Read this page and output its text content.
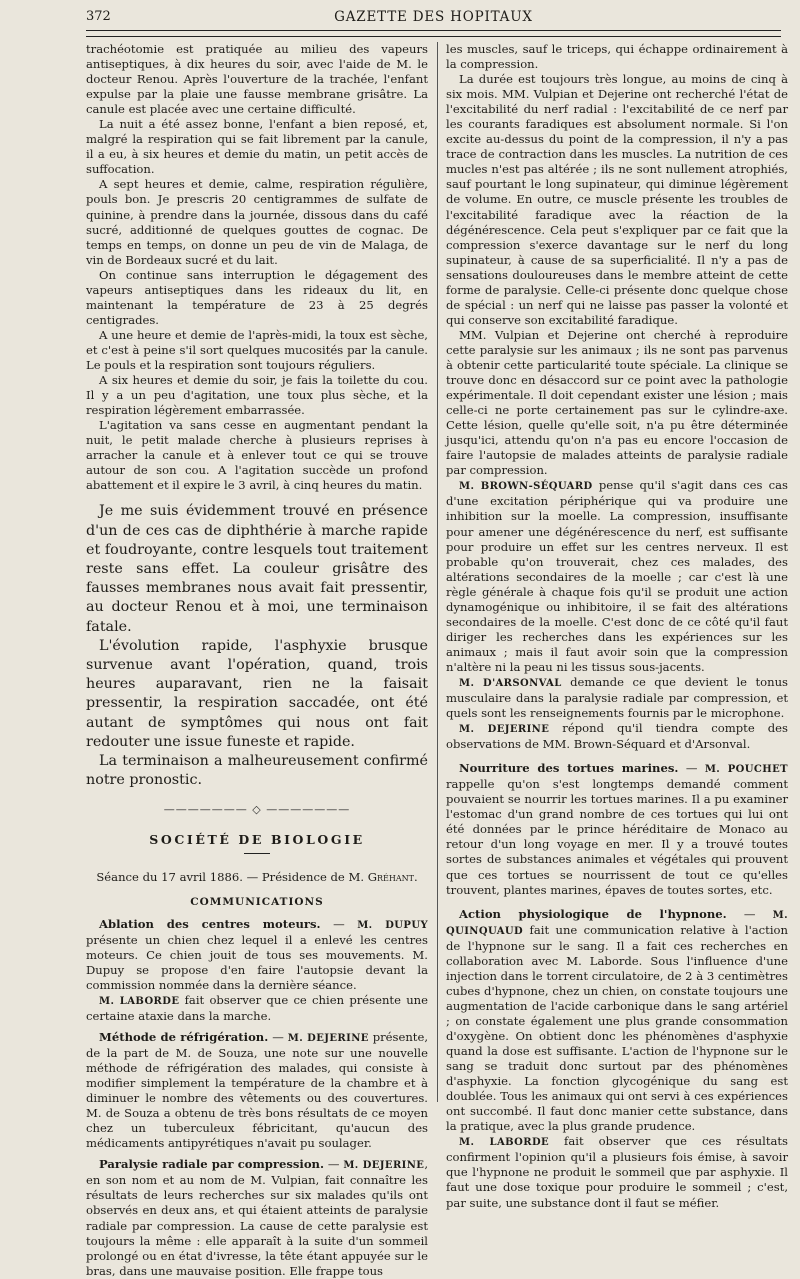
372	GAZETTE DES HOPITAUX

trachéotomie est pratiquée au milieu des vapeurs antiseptiques, à dix heures du soir, avec l'aide de M. le docteur Renou. Après l'ouverture de la trachée, l'enfant expulse par la plaie une fausse membrane grisâtre. La canule est placée avec une certaine difficulté.

La nuit a été assez bonne, l'enfant a bien reposé, et, malgré la respiration qui se fait librement par la canule, il a eu, à six heures et demie du matin, un petit accès de suffocation.

A sept heures et demie, calme, respiration régulière, pouls bon. Je prescris 20 centigrammes de sulfate de quinine, à prendre dans la journée, dissous dans du café sucré, additionné de quelques gouttes de cognac. De temps en temps, on donne un peu de vin de Malaga, de vin de Bordeaux sucré et du lait.

On continue sans interruption le dégagement des vapeurs antiseptiques dans les rideaux du lit, en maintenant la température de 23 à 25 degrés centigrades.

A une heure et demie de l'après-midi, la toux est sèche, et c'est à peine s'il sort quelques mucosités par la canule. Le pouls et la respiration sont toujours réguliers.

A six heures et demie du soir, je fais la toilette du cou. Il y a un peu d'agitation, une toux plus sèche, et la respiration légèrement embarrassée.

L'agitation va sans cesse en augmentant pendant la nuit, le petit malade cherche à plusieurs reprises à arracher la canule et à enlever tout ce qui se trouve autour de son cou. A l'agitation succède un profond abattement et il expire le 3 avril, à cinq heures du matin.

Je me suis évidemment trouvé en présence d'un de ces cas de diphthérie à marche rapide et foudroyante, contre lesquels tout traitement reste sans effet. La couleur grisâtre des fausses membranes nous avait fait pressentir, au docteur Renou et à moi, une terminaison fatale.

L'évolution rapide, l'asphyxie brusque survenue avant l'opération, quand, trois heures auparavant, rien ne la faisait pressentir, la respiration saccadée, ont été autant de symptômes qui nous ont fait redouter une issue funeste et rapide.

La terminaison a malheureusement confirmé notre pronostic.

——————— ◇ ———————
SOCIÉTÉ DE BIOLOGIE

Séance du 17 avril 1886. — Présidence de M. Gréhant.

COMMUNICATIONS

Ablation des centres moteurs. — M. DUPUY présente un chien chez lequel il a enlevé les centres moteurs. Ce chien jouit de tous ses mouvements. M. Dupuy se propose d'en faire l'autopsie devant la commission nommée dans la dernière séance.

M. LABORDE fait observer que ce chien présente une certaine ataxie dans la marche.

Méthode de réfrigération. — M. DEJERINE présente, de la part de M. de Souza, une note sur une nouvelle méthode de réfrigération des malades, qui consiste à modifier simplement la température de la chambre et à diminuer le nombre des vêtements ou des couvertures. M. de Souza a obtenu de très bons résultats de ce moyen chez un tuberculeux fébricitant, qu'aucun des médicaments antipyrétiques n'avait pu soulager.

Paralysie radiale par compression. — M. DEJERINE, en son nom et au nom de M. Vulpian, fait connaître les résultats de leurs recherches sur six malades qu'ils ont observés en deux ans, et qui étaient atteints de paralysie radiale par compression. La cause de cette paralysie est toujours la même : elle apparaît à la suite d'un sommeil prolongé ou en état d'ivresse, la tête étant appuyée sur le bras, dans une mauvaise position. Elle frappe tous

les muscles, sauf le triceps, qui échappe ordinairement à la compression.

La durée est toujours très longue, au moins de cinq à six mois. MM. Vulpian et Dejerine ont recherché l'état de l'excitabilité du nerf radial : l'excitabilité de ce nerf par les courants faradiques est absolument normale. Si l'on excite au-dessus du point de la compression, il n'y a pas trace de contraction dans les muscles. La nutrition de ces mucles n'est pas altérée ; ils ne sont nullement atrophiés, sauf pourtant le long supinateur, qui diminue légèrement de volume. En outre, ce muscle présente les troubles de l'excitabilité faradique avec la réaction de la dégénérescence. Cela peut s'expliquer par ce fait que la compression s'exerce davantage sur le nerf du long supinateur, à cause de sa superficialité. Il n'y a pas de sensations douloureuses dans le membre atteint de cette forme de paralysie. Celle-ci présente donc quelque chose de spécial : un nerf qui ne laisse pas passer la volonté et qui conserve son excitabilité faradique.

MM. Vulpian et Dejerine ont cherché à reproduire cette paralysie sur les animaux ; ils ne sont pas parvenus à obtenir cette particularité toute spéciale. La clinique se trouve donc en désaccord sur ce point avec la pathologie expérimentale. Il doit cependant exister une lésion ; mais celle-ci ne porte certainement pas sur le cylindre-axe. Cette lésion, quelle qu'elle soit, n'a pu être déterminée jusqu'ici, attendu qu'on n'a pas eu encore l'occasion de faire l'autopsie de malades atteints de paralysie radiale par compression.

M. BROWN-SÉQUARD pense qu'il s'agit dans ces cas d'une excitation périphérique qui va produire une inhibition sur la moelle. La compression, insuffisante pour amener une dégénérescence du nerf, est suffisante pour produire un effet sur les centres nerveux. Il est probable qu'on trouverait, chez ces malades, des altérations secondaires de la moelle ; car c'est là une règle générale à chaque fois qu'il se produit une action dynamogénique ou inhibitoire, il se fait des altérations secondaires de la moelle. C'est donc de ce côté qu'il faut diriger les recherches dans les expériences sur les animaux ; mais il faut avoir soin que la compression n'altère ni la peau ni les tissus sous-jacents.

M. D'ARSONVAL demande ce que devient le tonus musculaire dans la paralysie radiale par compression, et quels sont les renseignements fournis par le microphone.

M. DEJERINE répond qu'il tiendra compte des observations de MM. Brown-Séquard et d'Arsonval.

Nourriture des tortues marines. — M. POUCHET rappelle qu'on s'est longtemps demandé comment pouvaient se nourrir les tortues marines. Il a pu examiner l'estomac d'un grand nombre de ces tortues qui lui ont été données par le prince héréditaire de Monaco au retour d'un long voyage en mer. Il y a trouvé toutes sortes de substances animales et végétales qui prouvent que ces tortues se nourrissent de tout ce qu'elles trouvent, plantes marines, épaves de toutes sortes, etc.

Action physiologique de l'hypnone. — M. QUINQUAUD fait une communication relative à l'action de l'hypnone sur le sang. Il a fait ces recherches en collaboration avec M. Laborde. Sous l'influence d'une injection dans le torrent circulatoire, de 2 à 3 centimètres cubes d'hypnone, chez un chien, on constate toujours une augmentation de l'acide carbonique dans le sang artériel ; on constate également une plus grande consommation d'oxygène. On obtient donc les phénomènes d'asphyxie quand la dose est suffisante. L'action de l'hypnone sur le sang se traduit donc surtout par des phénomènes d'asphyxie. La fonction glycogénique du sang est doublée. Tous les animaux qui ont servi à ces expériences ont succombé. Il faut donc manier cette substance, dans la pratique, avec la plus grande prudence.

M. LABORDE fait observer que ces résultats confirment l'opinion qu'il a plusieurs fois émise, à savoir que l'hypnone ne produit le sommeil que par asphyxie. Il faut une dose toxique pour produire le sommeil ; c'est, par suite, une substance dont il faut se méfier.
